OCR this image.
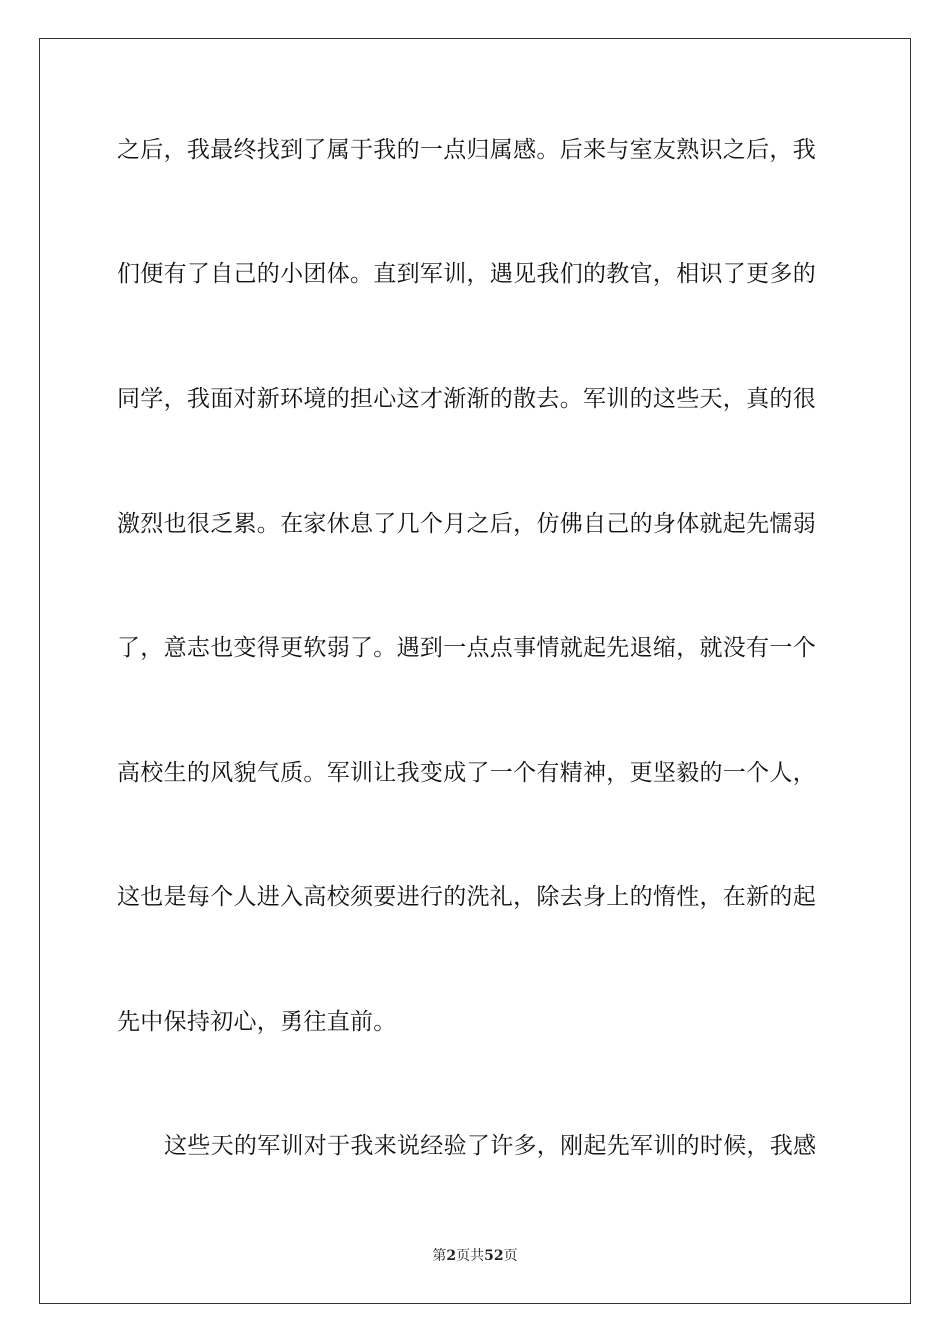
之后，我最终找到了属于我的一点归属感。后来与室友熟识之后，我
们便有了自己的小团体。直到军训，遇见我们的教官，相识了更多的
同学，我面对新环境的担心这才渐渐的散去。军训的这些天，真的很
激烈也很乏累。在家休息了几个月之后，仿佛自己的身体就起先懦弱
了，意志也变得更软弱了。遇到一点点事情就起先退缩，就没有一个
高校生的风貌气质。军训让我变成了一个有精神，更坚毅的一个人，
这也是每个人进入高校须要进行的洗礼，除去身上的惰性，在新的起
先中保持初心，勇往直前。
这些天的军训对于我来说经验了许多，刚起先军训的时候，我感
第2页共52页
